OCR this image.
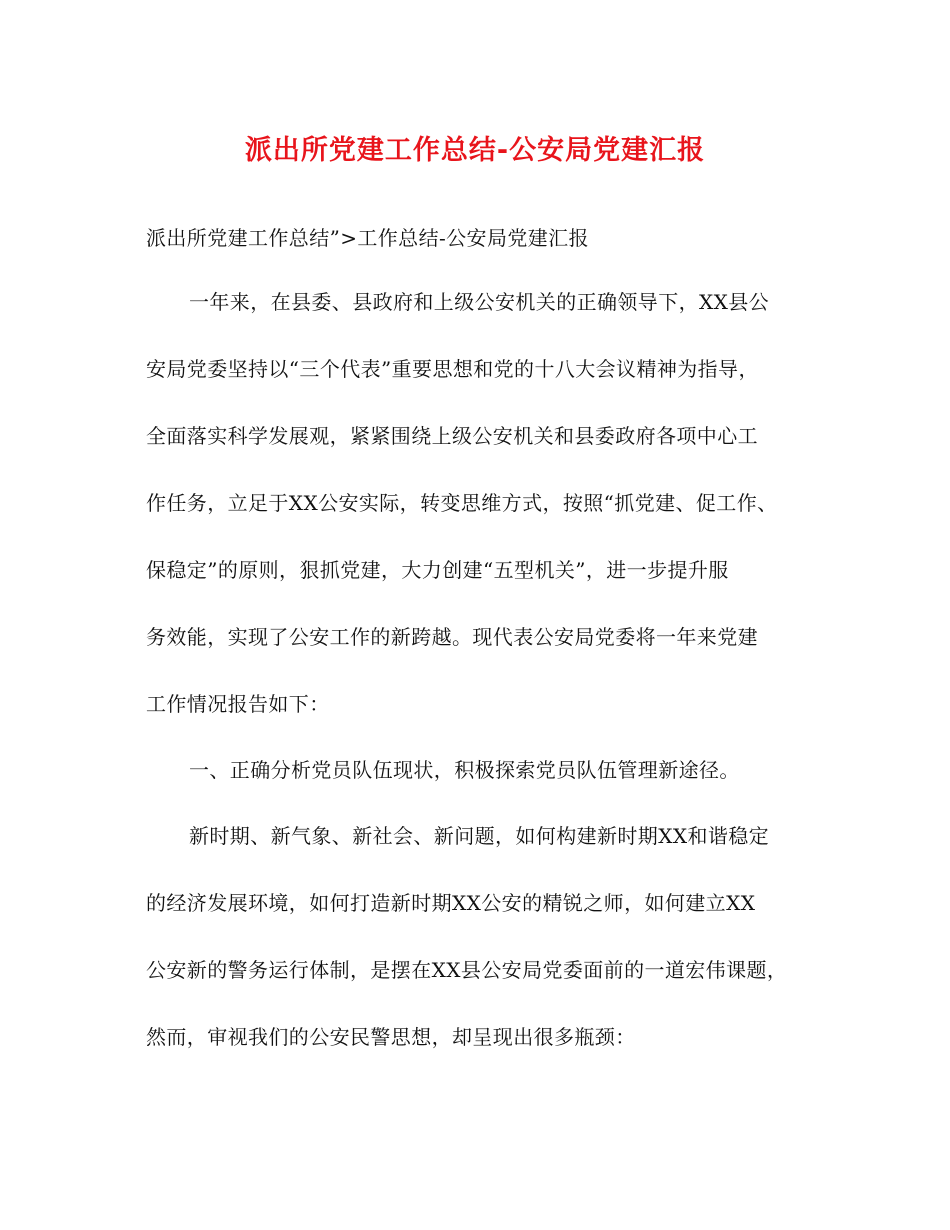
派出所党建工作总结-公安局党建汇报
派出所党建工作总结”>工作总结-公安局党建汇报
一年来，在县委、县政府和上级公安机关的正确领导下，XX县公
安局党委坚持以“三个代表”重要思想和党的十八大会议精神为指导，
全面落实科学发展观，紧紧围绕上级公安机关和县委政府各项中心工
作任务，立足于XX公安实际，转变思维方式，按照“抓党建、促工作、
保稳定”的原则，狠抓党建，大力创建“五型机关”，进一步提升服
务效能，实现了公安工作的新跨越。现代表公安局党委将一年来党建
工作情况报告如下：
一、正确分析党员队伍现状，积极探索党员队伍管理新途径。
新时期、新气象、新社会、新问题，如何构建新时期XX和谐稳定
的经济发展环境，如何打造新时期XX公安的精锐之师，如何建立XX
公安新的警务运行体制，是摆在XX县公安局党委面前的一道宏伟课题，
然而，审视我们的公安民警思想，却呈现出很多瓶颈：
